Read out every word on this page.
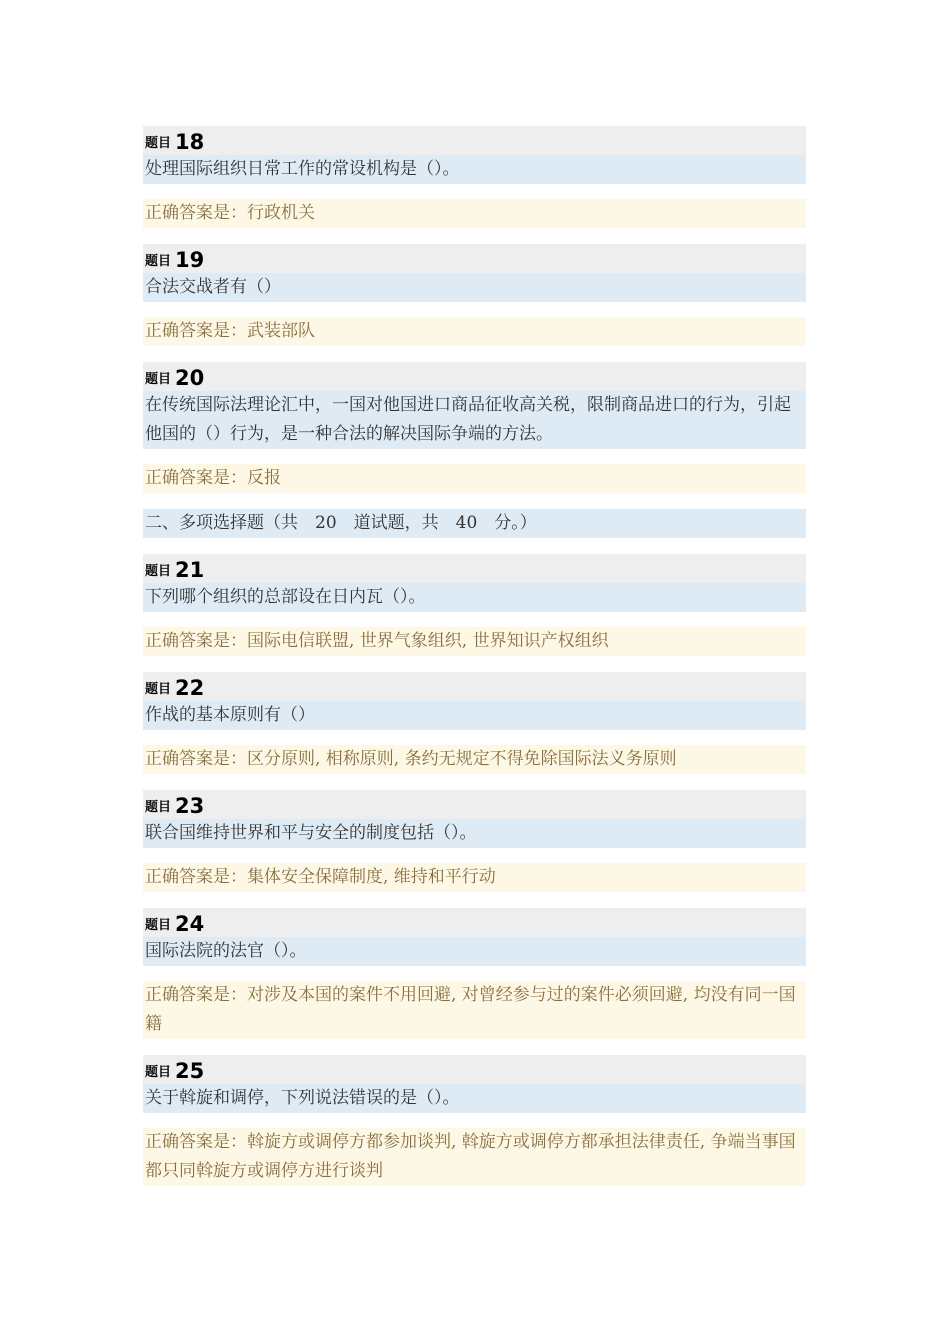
题目 18
处理国际组织日常工作的常设机构是（）。
正确答案是：行政机关
题目 19
合法交战者有（）
正确答案是：武装部队
题目 20
在传统国际法理论汇中，一国对他国进口商品征收高关税，限制商品进口的行为，引起他国的（）行为，是一种合法的解决国际争端的方法。
正确答案是：反报
二、多项选择题（共　20　道试题，共　40　分。）
题目 21
下列哪个组织的总部设在日内瓦（）。
正确答案是：国际电信联盟, 世界气象组织, 世界知识产权组织
题目 22
作战的基本原则有（）
正确答案是：区分原则, 相称原则, 条约无规定不得免除国际法义务原则
题目 23
联合国维持世界和平与安全的制度包括（）。
正确答案是：集体安全保障制度, 维持和平行动
题目 24
国际法院的法官（）。
正确答案是：对涉及本国的案件不用回避, 对曾经参与过的案件必须回避, 均没有同一国籍
题目 25
关于斡旋和调停，下列说法错误的是（）。
正确答案是：斡旋方或调停方都参加谈判, 斡旋方或调停方都承担法律责任, 争端当事国都只同斡旋方或调停方进行谈判
